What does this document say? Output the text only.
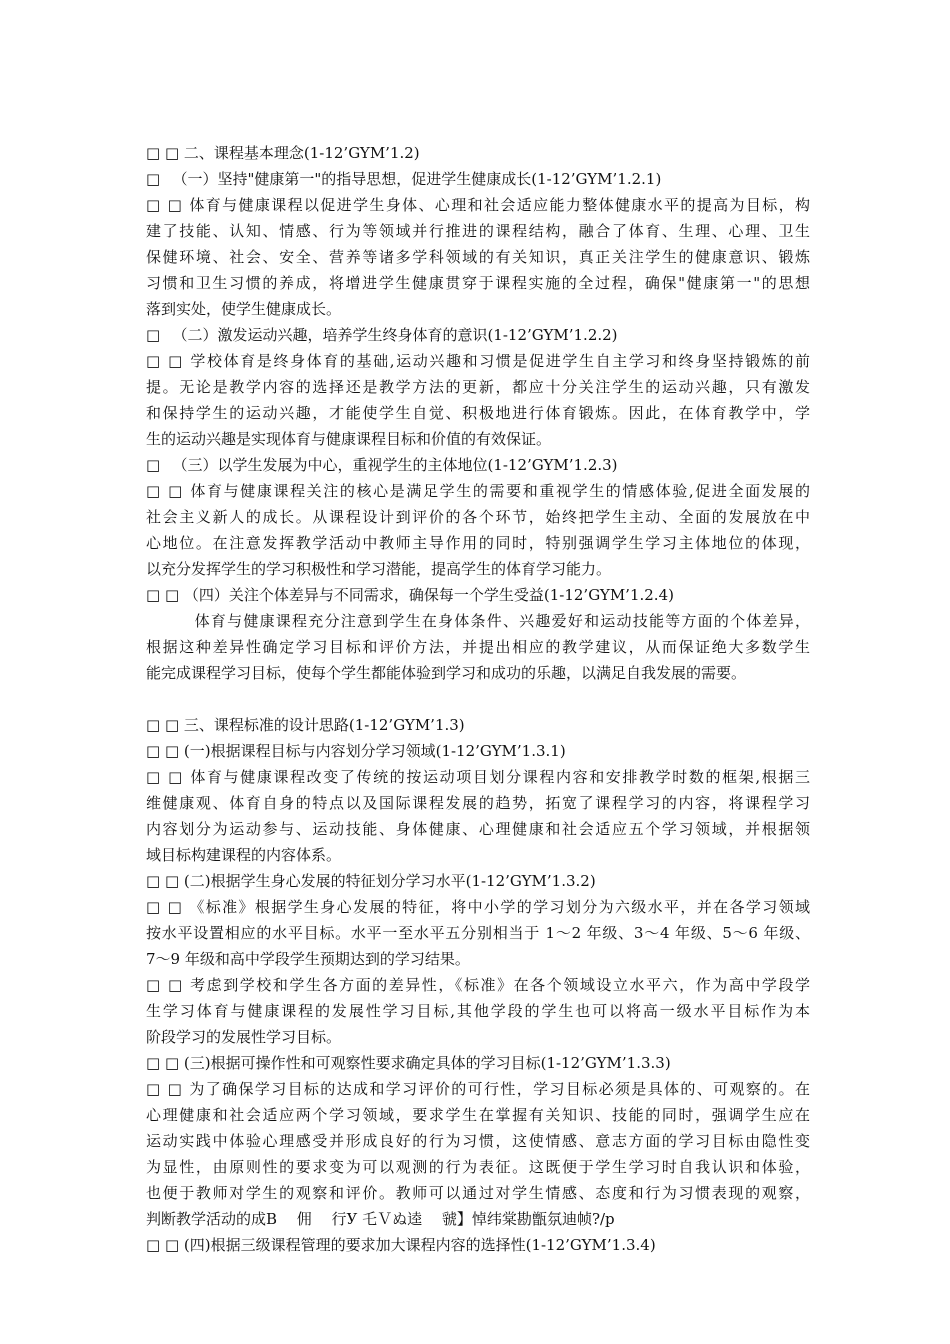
□ □ 二、课程基本理念(1-12’GYM’1.2)
□ 　（一）坚持"健康第一"的指导思想，促进学生健康成长(1-12’GYM’1.2.1)
□ □ 体育与健康课程以促进学生身体、心理和社会适应能力整体健康水平的提高为目标，构
建了技能、认知、情感、行为等领域并行推进的课程结构，融合了体育、生理、心理、卫生
保健环境、社会、安全、营养等诸多学科领域的有关知识，真正关注学生的健康意识、锻炼
习惯和卫生习惯的养成，将增进学生健康贯穿于课程实施的全过程，确保"健康第一"的思想
落到实处，使学生健康成长。
□ 　（二）激发运动兴趣，培养学生终身体育的意识(1-12’GYM’1.2.2)
□ □ 学校体育是终身体育的基础,运动兴趣和习惯是促进学生自主学习和终身坚持锻炼的前
提。无论是教学内容的选择还是教学方法的更新，都应十分关注学生的运动兴趣，只有激发
和保持学生的运动兴趣，才能使学生自觉、积极地进行体育锻炼。因此，在体育教学中，学
生的运动兴趣是实现体育与健康课程目标和价值的有效保证。
□ 　（三）以学生发展为中心，重视学生的主体地位(1-12’GYM’1.2.3)
□ □ 体育与健康课程关注的核心是满足学生的需要和重视学生的情感体验,促进全面发展的
社会主义新人的成长。从课程设计到评价的各个环节，始终把学生主动、全面的发展放在中
心地位。在注意发挥教学活动中教师主导作用的同时，特别强调学生学习主体地位的体现，
以充分发挥学生的学习积极性和学习潜能，提高学生的体育学习能力。
□ □ （四）关注个体差异与不同需求，确保每一个学生受益(1-12’GYM’1.2.4)
　　　体育与健康课程充分注意到学生在身体条件、兴趣爱好和运动技能等方面的个体差异，
根据这种差异性确定学习目标和评价方法，并提出相应的教学建议，从而保证绝大多数学生
能完成课程学习目标，使每个学生都能体验到学习和成功的乐趣，以满足自我发展的需要。
□ □ 三、课程标准的设计思路(1-12’GYM’1.3)
□ □ (一)根据课程目标与内容划分学习领域(1-12’GYM’1.3.1)
□ □ 体育与健康课程改变了传统的按运动项目划分课程内容和安排教学时数的框架,根据三
维健康观、体育自身的特点以及国际课程发展的趋势，拓宽了课程学习的内容，将课程学习
内容划分为运动参与、运动技能、身体健康、心理健康和社会适应五个学习领域，并根据领
域目标构建课程的内容体系。
□ □ (二)根据学生身心发展的特征划分学习水平(1-12’GYM’1.3.2)
□ □ 《标准》根据学生身心发展的特征，将中小学的学习划分为六级水平，并在各学习领域
按水平设置相应的水平目标。水平一至水平五分别相当于 1～2 年级、3～4 年级、5～6 年级、
7～9 年级和高中学段学生预期达到的学习结果。
□ □ 考虑到学校和学生各方面的差异性，《标准》在各个领域设立水平六，作为高中学段学
生学习体育与健康课程的发展性学习目标,其他学段的学生也可以将高一级水平目标作为本
阶段学习的发展性学习目标。
□ □ (三)根据可操作性和可观察性要求确定具体的学习目标(1-12’GYM’1.3.3)
□ □ 为了确保学习目标的达成和学习评价的可行性，学习目标必须是具体的、可观察的。在
心理健康和社会适应两个学习领域，要求学生在掌握有关知识、技能的同时，强调学生应在
运动实践中体验心理感受并形成良好的行为习惯，这使情感、意志方面的学习目标由隐性变
为显性，由原则性的要求变为可以观测的行为表征。这既便于学生学习时自我认识和体验，
也便于教师对学生的观察和评价。教师可以通过对学生情感、态度和行为习惯表现的观察，
判断教学活动的成B　 佣　 行У 乇Ｖぬ逵　 虢】悼纬棠勘甑氛迪帧?/p
□ □ (四)根据三级课程管理的要求加大课程内容的选择性(1-12’GYM’1.3.4)
